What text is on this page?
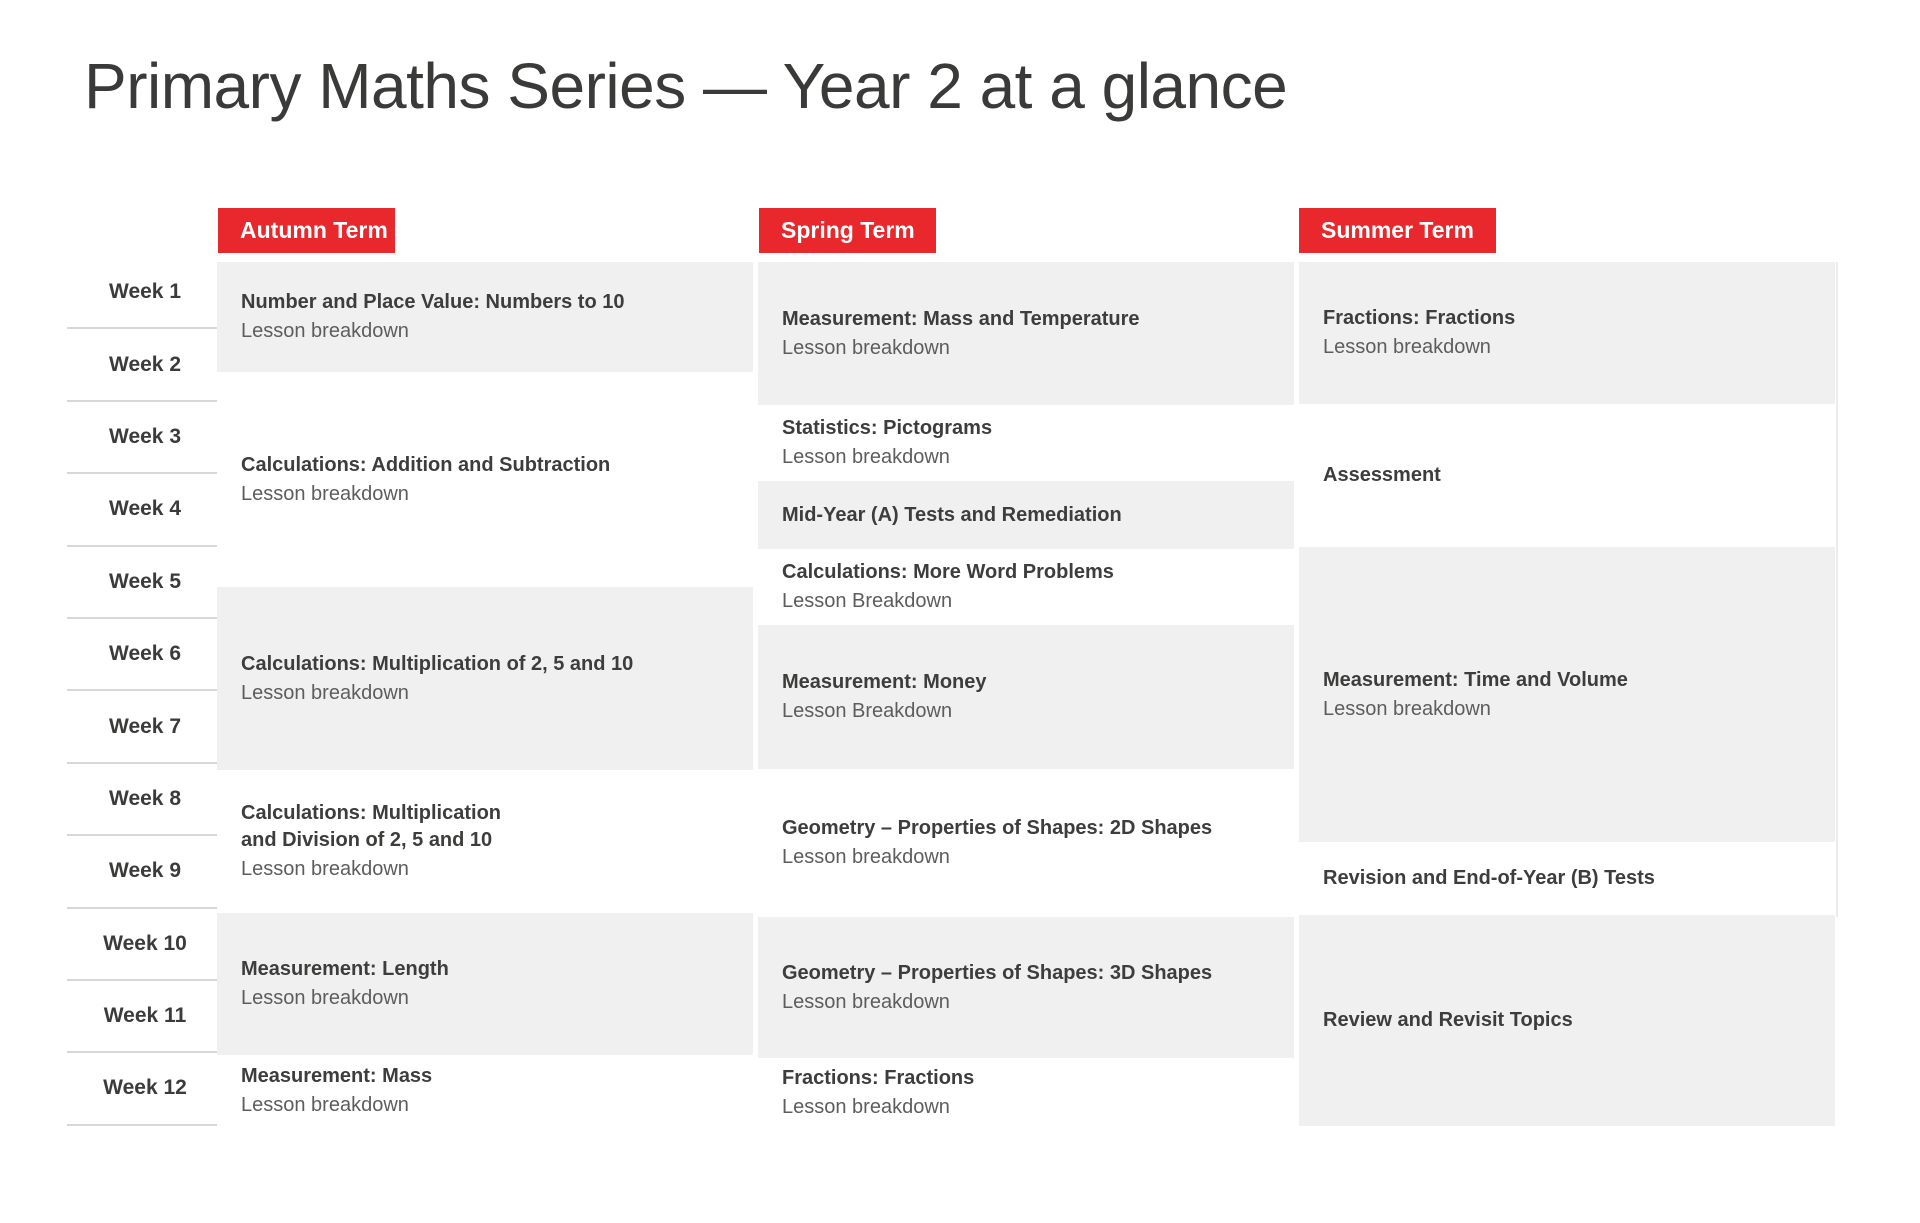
Primary Maths Series — Year 2 at a glance
Autumn Term	Spring Term	Summer Term
Week 1
Week 2
Week 3
Week 4
Week 5
Week 6
Week 7
Week 8
Week 9
Week 10
Week 11
Week 12
Number and Place Value: Numbers to 10
Lesson breakdown
Calculations: Addition and Subtraction
Lesson breakdown
Calculations: Multiplication of 2, 5 and 10
Lesson breakdown
Calculations: Multiplication
and Division of 2, 5 and 10
Lesson breakdown
Measurement: Length
Lesson breakdown
Measurement: Mass
Lesson breakdown
Measurement: Mass and Temperature
Lesson breakdown
Statistics: Pictograms
Lesson breakdown
Mid-Year (A) Tests and Remediation
Calculations: More Word Problems
Lesson Breakdown
Measurement: Money
Lesson Breakdown
Geometry – Properties of Shapes: 2D Shapes
Lesson breakdown
Geometry – Properties of Shapes: 3D Shapes
Lesson breakdown
Fractions: Fractions
Lesson breakdown
Fractions: Fractions
Lesson breakdown
Assessment
Measurement: Time and Volume
Lesson breakdown
Revision and End-of-Year (B) Tests
Review and Revisit Topics
